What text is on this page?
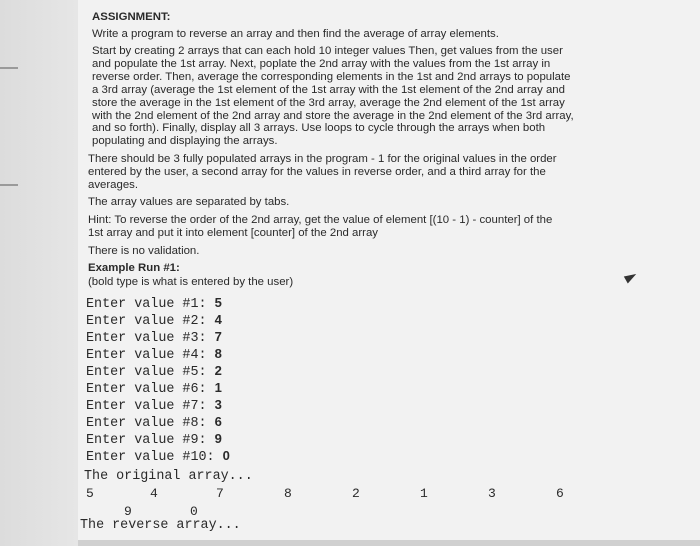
ASSIGNMENT:
Write a program to reverse an array and then find the average of array elements.
Start by creating 2 arrays that can each hold 10 integer values Then, get values from the user
and populate the 1st array. Next, poplate the 2nd array with the values from the 1st array in
reverse order. Then, average the corresponding elements in the 1st and 2nd arrays to populate
a 3rd array (average the 1st element of the 1st array with the 1st element of the 2nd array and
store the average in the 1st element of the 3rd array, average the 2nd element of the 1st array
with the 2nd element of the 2nd array and store the average in the 2nd element of the 3rd array,
and so forth). Finally, display all 3 arrays. Use loops to cycle through the arrays when both
populating and displaying the arrays.
There should be 3 fully populated arrays in the program - 1 for the original values in the order
entered by the user, a second array for the values in reverse order, and a third array for the
averages.
The array values are separated by tabs.
Hint: To reverse the order of the 2nd array, get the value of element [(10 - 1) - counter] of the
1st array and put it into element [counter] of the 2nd array
There is no validation.
Example Run #1:
(bold type is what is entered by the user)
Enter value #1: 5
Enter value #2: 4
Enter value #3: 7
Enter value #4: 8
Enter value #5: 2
Enter value #6: 1
Enter value #7: 3
Enter value #8: 6
Enter value #9: 9
Enter value #10: 0
The original array...
5	4	7	8	2	1	3	6
9	0
The reverse array...
